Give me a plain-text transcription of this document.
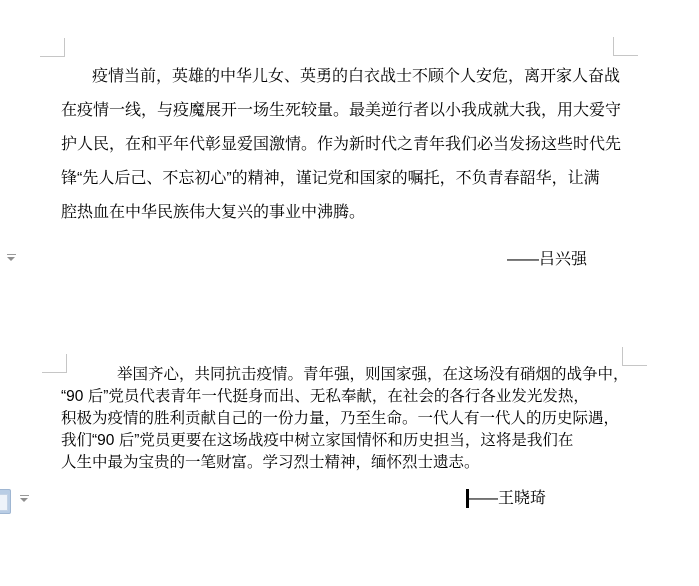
疫情当前，英雄的中华儿女、英勇的白衣战士不顾个人安危，离开家人奋战
在疫情一线，与疫魔展开一场生死较量。最美逆行者以小我成就大我，用大爱守
护人民，在和平年代彰显爱国激情。作为新时代之青年我们必当发扬这些时代先
锋“先人后己、不忘初心”的精神，谨记党和国家的嘱托，不负青春韶华，让满
腔热血在中华民族伟大复兴的事业中沸腾。
——吕兴强
举国齐心，共同抗击疫情。青年强，则国家强，在这场没有硝烟的战争中，
“90 后”党员代表青年一代挺身而出、无私奉献，在社会的各行各业发光发热，
积极为疫情的胜利贡献自己的一份力量，乃至生命。一代人有一代人的历史际遇，
我们“90 后”党员更要在这场战疫中树立家国情怀和历史担当，这将是我们在
人生中最为宝贵的一笔财富。学习烈士精神，缅怀烈士遗志。
——王晓琦
